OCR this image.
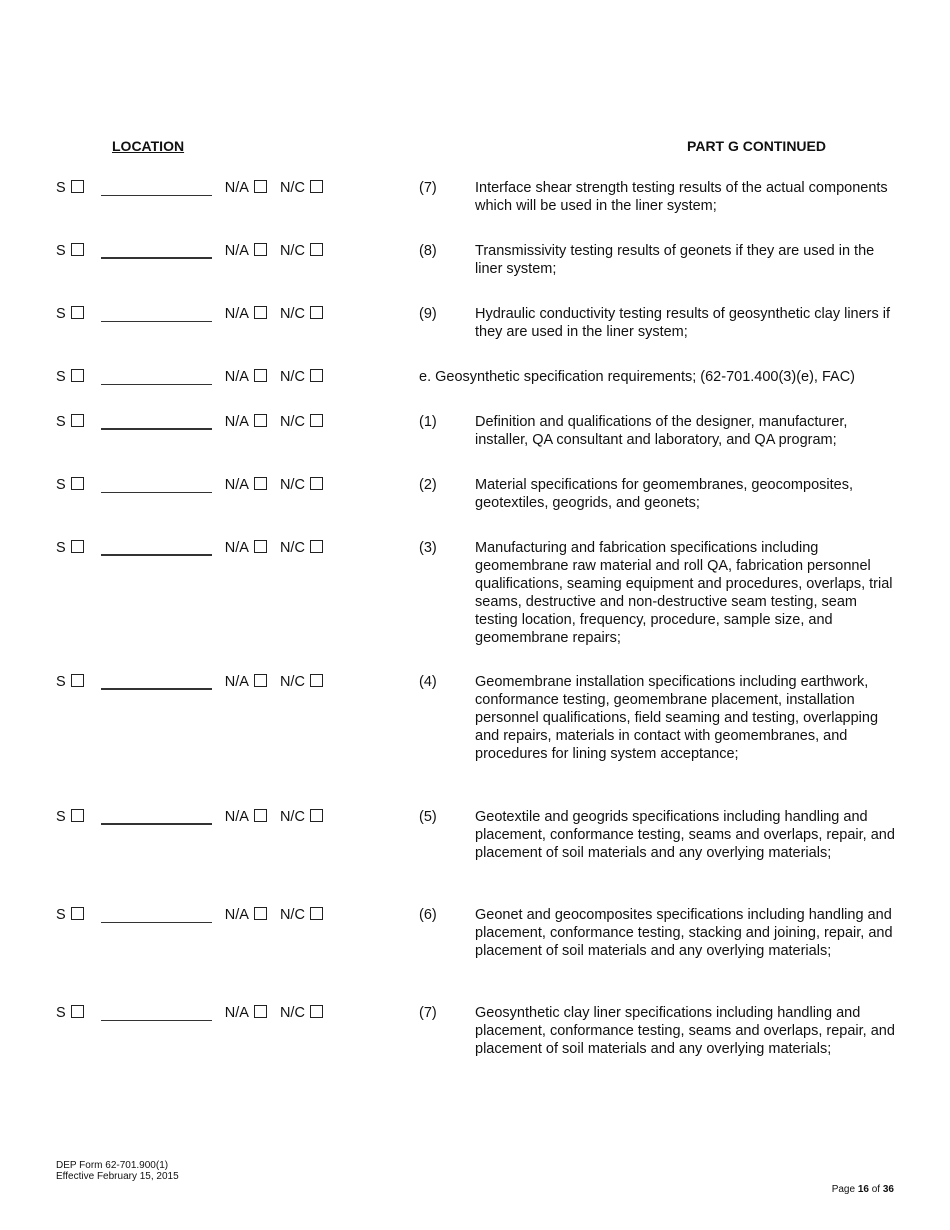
LOCATION	PART G CONTINUED
S	N/A N/C	(7)	Interface shear strength testing results of the actual components which will be used in the liner system;
S	N/A N/C	(8)	Transmissivity testing results of geonets if they are used in the liner system;
S	N/A N/C	(9)	Hydraulic conductivity testing results of geosynthetic clay liners if they are used in the liner system;
S	N/A N/C	e. Geosynthetic specification requirements; (62-701.400(3)(e), FAC)
S	N/A N/C	(1)	Definition and qualifications of the designer, manufacturer, installer, QA consultant and laboratory, and QA program;
S	N/A N/C	(2)	Material specifications for geomembranes, geocomposites, geotextiles, geogrids, and geonets;
S	N/A N/C	(3)	Manufacturing and fabrication specifications including geomembrane raw material and roll QA, fabrication personnel qualifications, seaming equipment and procedures, overlaps, trial seams, destructive and non-destructive seam testing, seam testing location, frequency, procedure, sample size, and geomembrane repairs;
S	N/A N/C	(4)	Geomembrane installation specifications including earthwork, conformance testing, geomembrane placement, installation personnel qualifications, field seaming and testing, overlapping and repairs, materials in contact with geomembranes, and procedures for lining system acceptance;
S	N/A N/C	(5)	Geotextile and geogrids specifications including handling and placement, conformance testing, seams and overlaps, repair, and placement of soil materials and any overlying materials;
S	N/A N/C	(6)	Geonet and geocomposites specifications including handling and placement, conformance testing, stacking and joining, repair, and placement of soil materials and any overlying materials;
S	N/A N/C	(7)	Geosynthetic clay liner specifications including handling and placement, conformance testing, seams and overlaps, repair, and placement of soil materials and any overlying materials;
DEP Form 62-701.900(1)
Effective February 15, 2015
Page 16 of 36
